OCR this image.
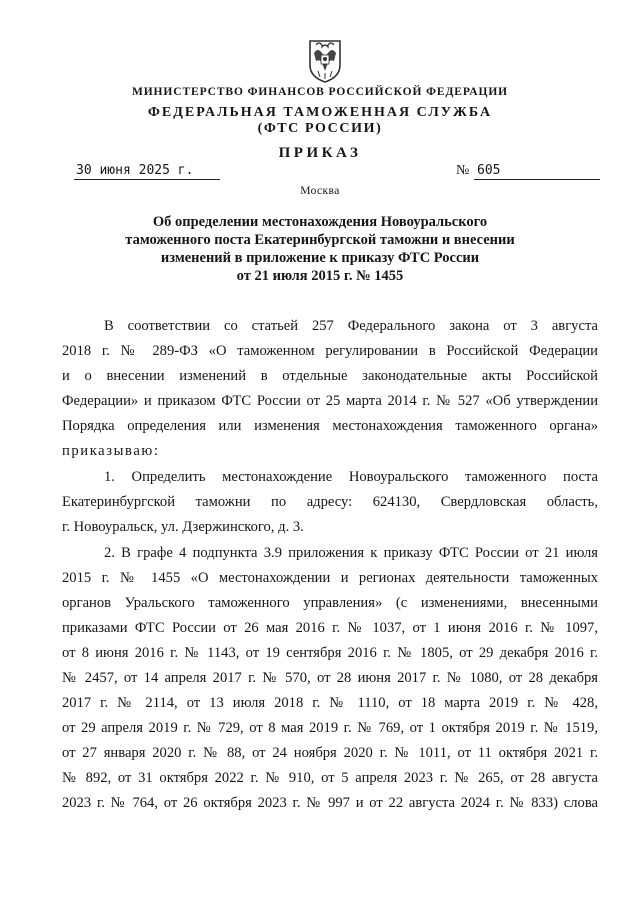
МИНИСТЕРСТВО ФИНАНСОВ РОССИЙСКОЙ ФЕДЕРАЦИИ
ФЕДЕРАЛЬНАЯ ТАМОЖЕННАЯ СЛУЖБА
(ФТС РОССИИ)
ПРИКАЗ
30 июня 2025 г.	№ 605
Москва
Об определении местонахождения Новоуральского
таможенного поста Екатеринбургской таможни и внесении
изменений в приложение к приказу ФТС России
от 21 июля 2015 г. № 1455
В соответствии со статьей 257 Федерального закона от 3 августа
2018 г. № 289-ФЗ «О таможенном регулировании в Российской Федерации
и о внесении изменений в отдельные законодательные акты Российской
Федерации» и приказом ФТС России от 25 марта 2014 г. № 527 «Об утверждении
Порядка определения или изменения местонахождения таможенного органа»
приказываю:
1. Определить местонахождение Новоуральского таможенного поста
Екатеринбургской таможни по адресу: 624130, Свердловская область,
г. Новоуральск, ул. Дзержинского, д. 3.
2. В графе 4 подпункта 3.9 приложения к приказу ФТС России от 21 июля
2015 г. № 1455 «О местонахождении и регионах деятельности таможенных
органов Уральского таможенного управления» (с изменениями, внесенными
приказами ФТС России от 26 мая 2016 г. № 1037, от 1 июня 2016 г. № 1097,
от 8 июня 2016 г. № 1143, от 19 сентября 2016 г. № 1805, от 29 декабря 2016 г.
№ 2457, от 14 апреля 2017 г. № 570, от 28 июня 2017 г. № 1080, от 28 декабря
2017 г. № 2114, от 13 июля 2018 г. № 1110, от 18 марта 2019 г. № 428,
от 29 апреля 2019 г. № 729, от 8 мая 2019 г. № 769, от 1 октября 2019 г. № 1519,
от 27 января 2020 г. № 88, от 24 ноября 2020 г. № 1011, от 11 октября 2021 г.
№ 892, от 31 октября 2022 г. № 910, от 5 апреля 2023 г. № 265, от 28 августа
2023 г. № 764, от 26 октября 2023 г. № 997 и от 22 августа 2024 г. № 833) слова
